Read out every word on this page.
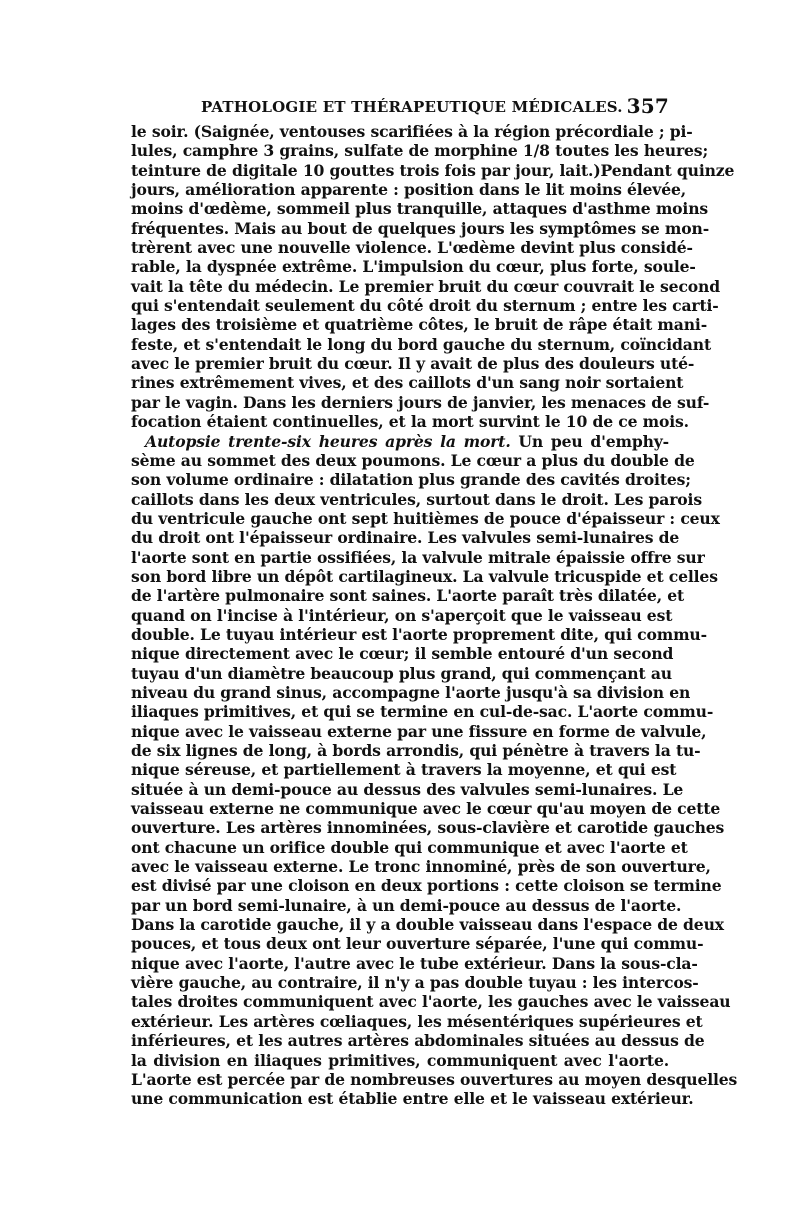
PATHOLOGIE ET THÉRAPEUTIQUE MÉDICALES. 357
le soir. (Saignée, ventouses scarifiées à la région précordiale ; pi-
lules, camphre 3 grains, sulfate de morphine 1/8 toutes les heures;
teinture de digitale 10 gouttes trois fois par jour, lait.)Pendant quinze
jours, amélioration apparente : position dans le lit moins élevée,
moins d'œdème, sommeil plus tranquille, attaques d'asthme moins
fréquentes. Mais au bout de quelques jours les symptômes se mon-
trèrent avec une nouvelle violence. L'œdème devint plus considé-
rable, la dyspnée extrême. L'impulsion du cœur, plus forte, soule-
vait la tête du médecin. Le premier bruit du cœur couvrait le second
qui s'entendait seulement du côté droit du sternum ; entre les carti-
lages des troisième et quatrième côtes, le bruit de râpe était mani-
feste, et s'entendait le long du bord gauche du sternum, coïncidant
avec le premier bruit du cœur. Il y avait de plus des douleurs uté-
rines extrêmement vives, et des caillots d'un sang noir sortaient
par le vagin. Dans les derniers jours de janvier, les menaces de suf-
focation étaient continuelles, et la mort survint le 10 de ce mois.
Autopsie trente-six heures après la mort. Un peu d'emphy-
sème au sommet des deux poumons. Le cœur a plus du double de
son volume ordinaire : dilatation plus grande des cavités droites;
caillots dans les deux ventricules, surtout dans le droit. Les parois
du ventricule gauche ont sept huitièmes de pouce d'épaisseur : ceux
du droit ont l'épaisseur ordinaire. Les valvules semi-lunaires de
l'aorte sont en partie ossifiées, la valvule mitrale épaissie offre sur
son bord libre un dépôt cartilagineux. La valvule tricuspide et celles
de l'artère pulmonaire sont saines. L'aorte paraît très dilatée, et
quand on l'incise à l'intérieur, on s'aperçoit que le vaisseau est
double. Le tuyau intérieur est l'aorte proprement dite, qui commu-
nique directement avec le cœur; il semble entouré d'un second
tuyau d'un diamètre beaucoup plus grand, qui commençant au
niveau du grand sinus, accompagne l'aorte jusqu'à sa division en
iliaques primitives, et qui se termine en cul-de-sac. L'aorte commu-
nique avec le vaisseau externe par une fissure en forme de valvule,
de six lignes de long, à bords arrondis, qui pénètre à travers la tu-
nique séreuse, et partiellement à travers la moyenne, et qui est
située à un demi-pouce au dessus des valvules semi-lunaires. Le
vaisseau externe ne communique avec le cœur qu'au moyen de cette
ouverture. Les artères innominées, sous-clavière et carotide gauches
ont chacune un orifice double qui communique et avec l'aorte et
avec le vaisseau externe. Le tronc innominé, près de son ouverture,
est divisé par une cloison en deux portions : cette cloison se termine
par un bord semi-lunaire, à un demi-pouce au dessus de l'aorte.
Dans la carotide gauche, il y a double vaisseau dans l'espace de deux
pouces, et tous deux ont leur ouverture séparée, l'une qui commu-
nique avec l'aorte, l'autre avec le tube extérieur. Dans la sous-cla-
vière gauche, au contraire, il n'y a pas double tuyau : les intercos-
tales droites communiquent avec l'aorte, les gauches avec le vaisseau
extérieur. Les artères cœliaques, les mésentériques supérieures et
inférieures, et les autres artères abdominales situées au dessus de
la division en iliaques primitives, communiquent avec l'aorte.
L'aorte est percée par de nombreuses ouvertures au moyen desquelles
une communication est établie entre elle et le vaisseau extérieur.
